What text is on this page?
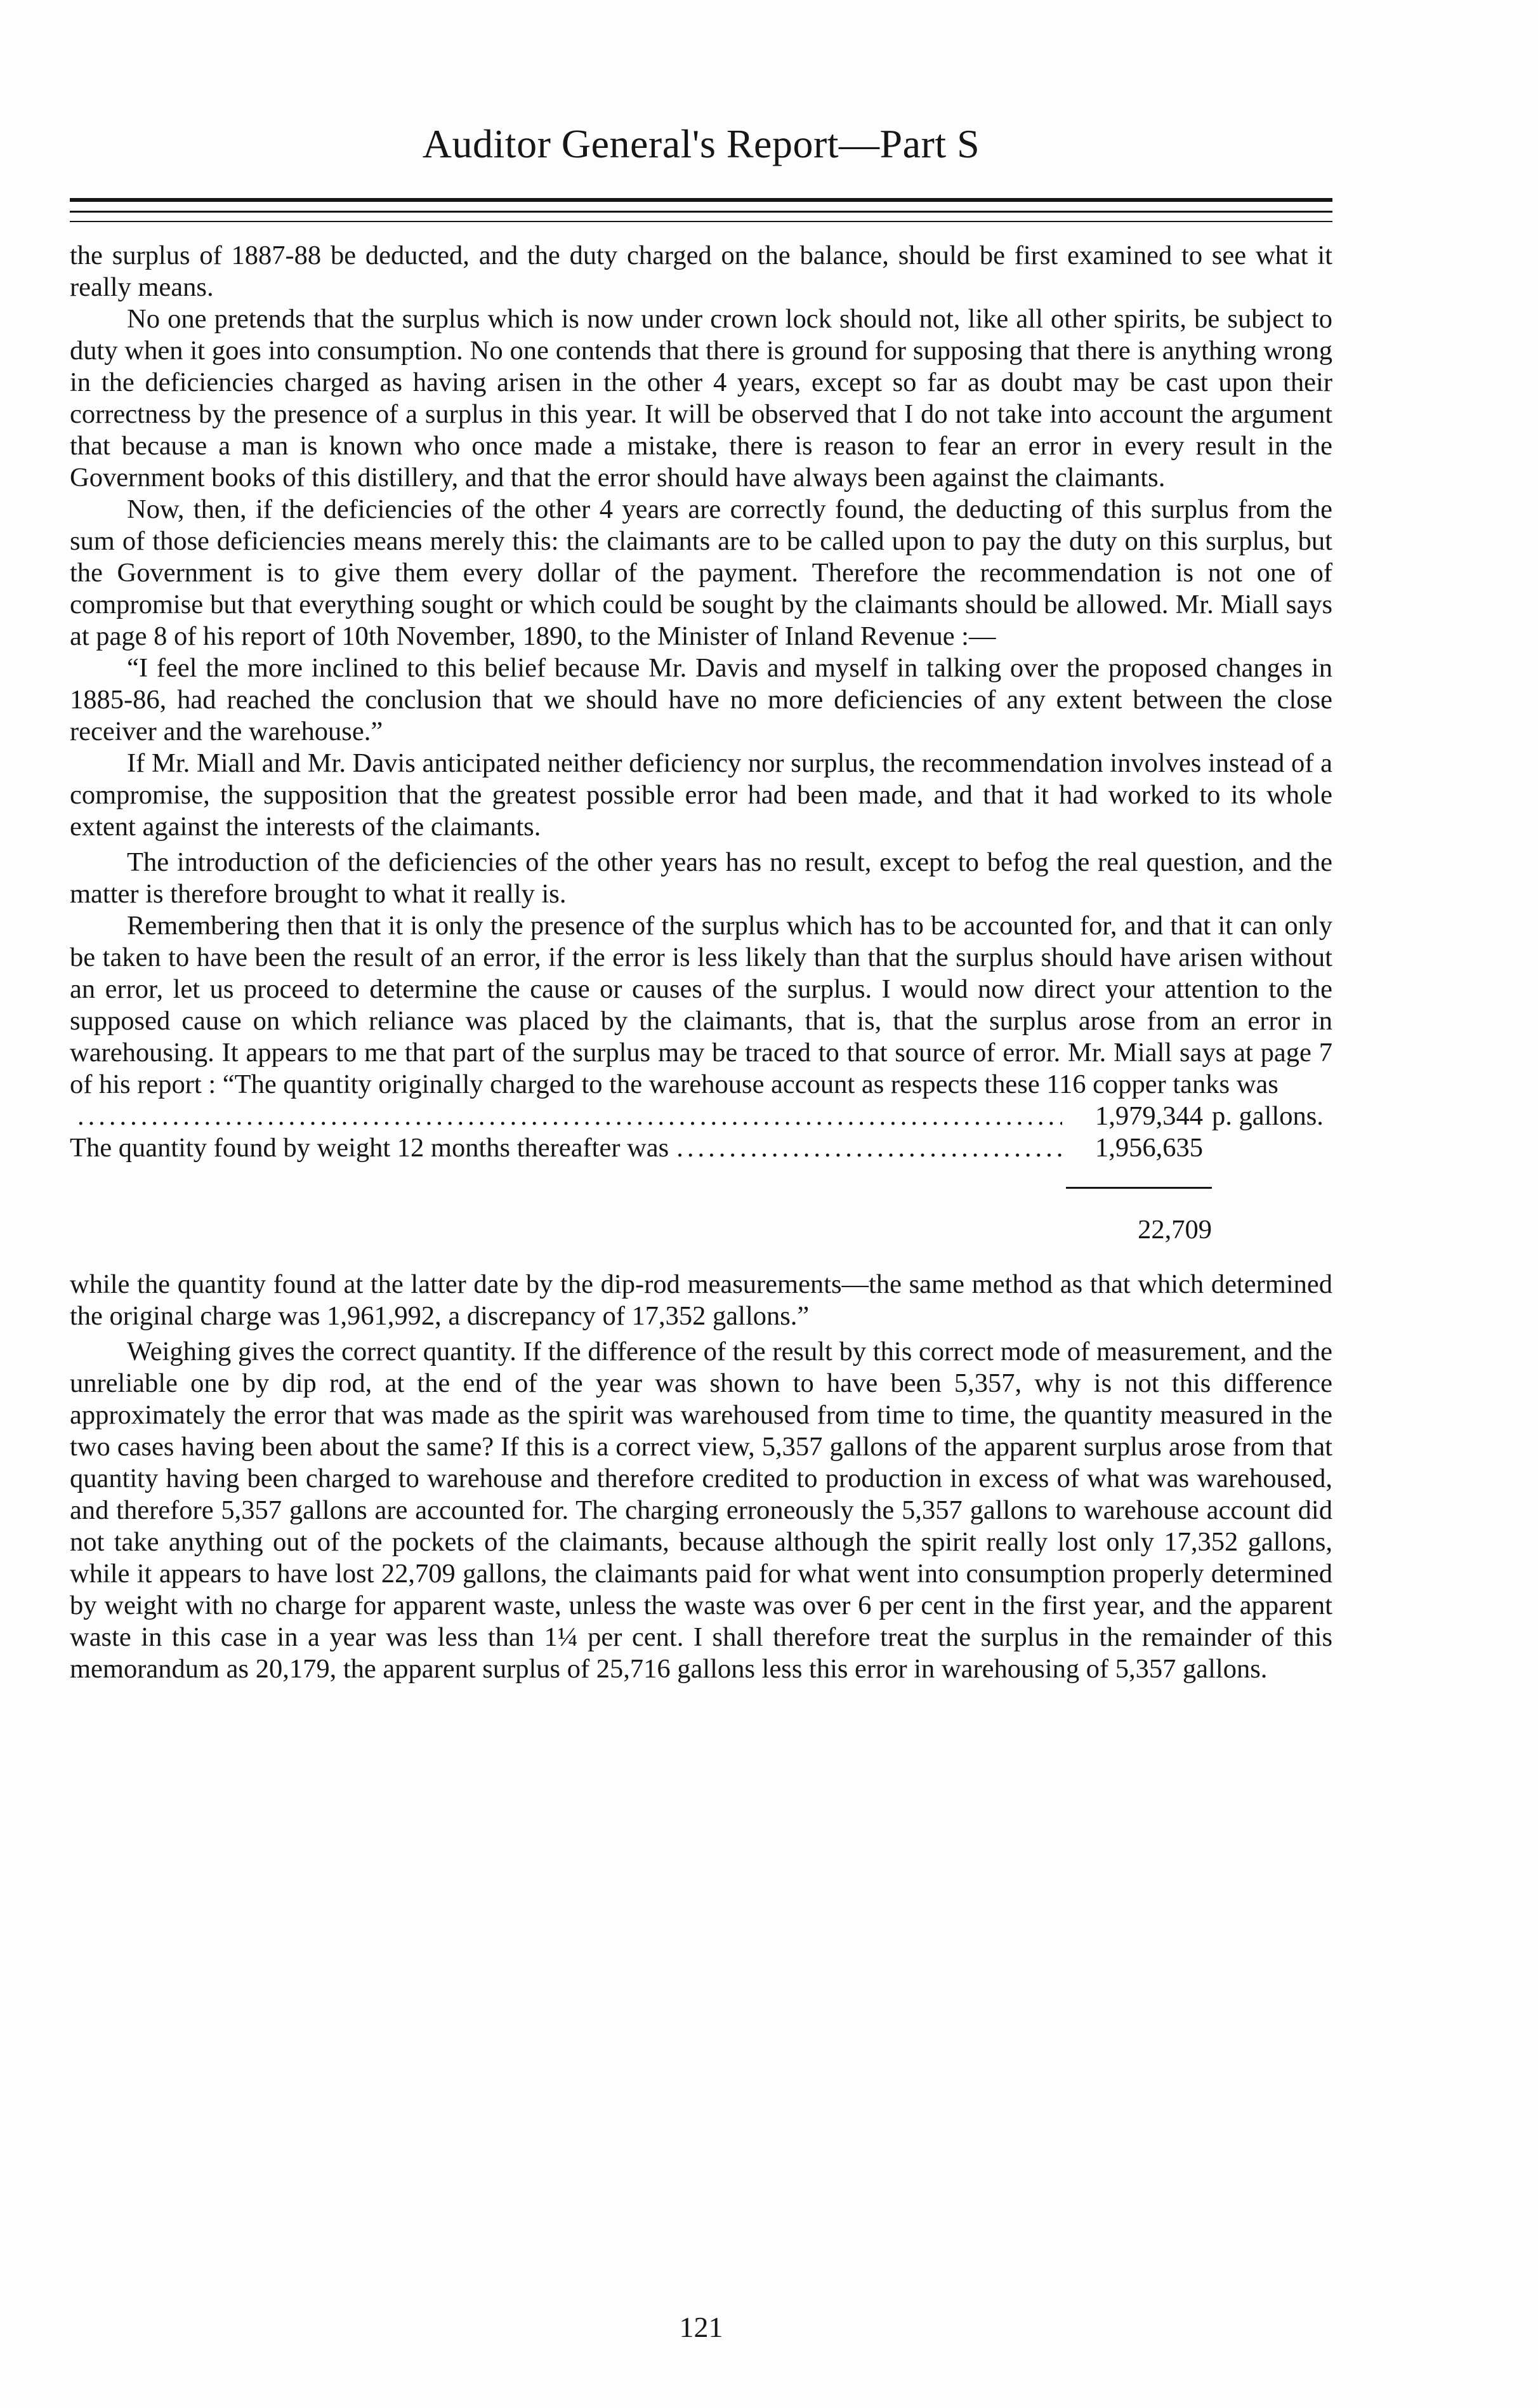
Auditor General's Report—Part S

the surplus of 1887-88 be deducted, and the duty charged on the balance, should be first examined to see what it really means.

No one pretends that the surplus which is now under crown lock should not, like all other spirits, be subject to duty when it goes into consumption. No one contends that there is ground for supposing that there is anything wrong in the deficiencies charged as having arisen in the other 4 years, except so far as doubt may be cast upon their correctness by the presence of a surplus in this year. It will be observed that I do not take into account the argument that because a man is known who once made a mistake, there is reason to fear an error in every result in the Government books of this distillery, and that the error should have always been against the claimants.

Now, then, if the deficiencies of the other 4 years are correctly found, the deducting of this surplus from the sum of those deficiencies means merely this: the claimants are to be called upon to pay the duty on this surplus, but the Government is to give them every dollar of the payment. Therefore the recommendation is not one of compromise but that everything sought or which could be sought by the claimants should be allowed. Mr. Miall says at page 8 of his report of 10th November, 1890, to the Minister of Inland Revenue :—

“I feel the more inclined to this belief because Mr. Davis and myself in talking over the proposed changes in 1885-86, had reached the conclusion that we should have no more deficiencies of any extent between the close receiver and the warehouse.”

If Mr. Miall and Mr. Davis anticipated neither deficiency nor surplus, the recommendation involves instead of a compromise, the supposition that the greatest possible error had been made, and that it had worked to its whole extent against the interests of the claimants.

The introduction of the deficiencies of the other years has no result, except to befog the real question, and the matter is therefore brought to what it really is.

Remembering then that it is only the presence of the surplus which has to be accounted for, and that it can only be taken to have been the result of an error, if the error is less likely than that the surplus should have arisen without an error, let us proceed to determine the cause or causes of the surplus. I would now direct your attention to the supposed cause on which reliance was placed by the claimants, that is, that the surplus arose from an error in warehousing. It appears to me that part of the surplus may be traced to that source of error. Mr. Miall says at page 7 of his report : “The quantity originally charged to the warehouse account as respects these 116 copper tanks was

.....
1,979,344 p. gallons.
The quantity found by weight 12 months thereafter was
.....	1,956,635
22,709

while the quantity found at the latter date by the dip-rod measurements—the same method as that which determined the original charge was 1,961,992, a discrepancy of 17,352 gallons.”

Weighing gives the correct quantity. If the difference of the result by this correct mode of measurement, and the unreliable one by dip rod, at the end of the year was shown to have been 5,357, why is not this difference approximately the error that was made as the spirit was warehoused from time to time, the quantity measured in the two cases having been about the same? If this is a correct view, 5,357 gallons of the apparent surplus arose from that quantity having been charged to warehouse and therefore credited to production in excess of what was warehoused, and therefore 5,357 gallons are accounted for. The charging erroneously the 5,357 gallons to warehouse account did not take anything out of the pockets of the claimants, because although the spirit really lost only 17,352 gallons, while it appears to have lost 22,709 gallons, the claimants paid for what went into consumption properly determined by weight with no charge for apparent waste, unless the waste was over 6 per cent in the first year, and the apparent waste in this case in a year was less than 1¼ per cent. I shall therefore treat the surplus in the remainder of this memorandum as 20,179, the apparent surplus of 25,716 gallons less this error in warehousing of 5,357 gallons.

121
